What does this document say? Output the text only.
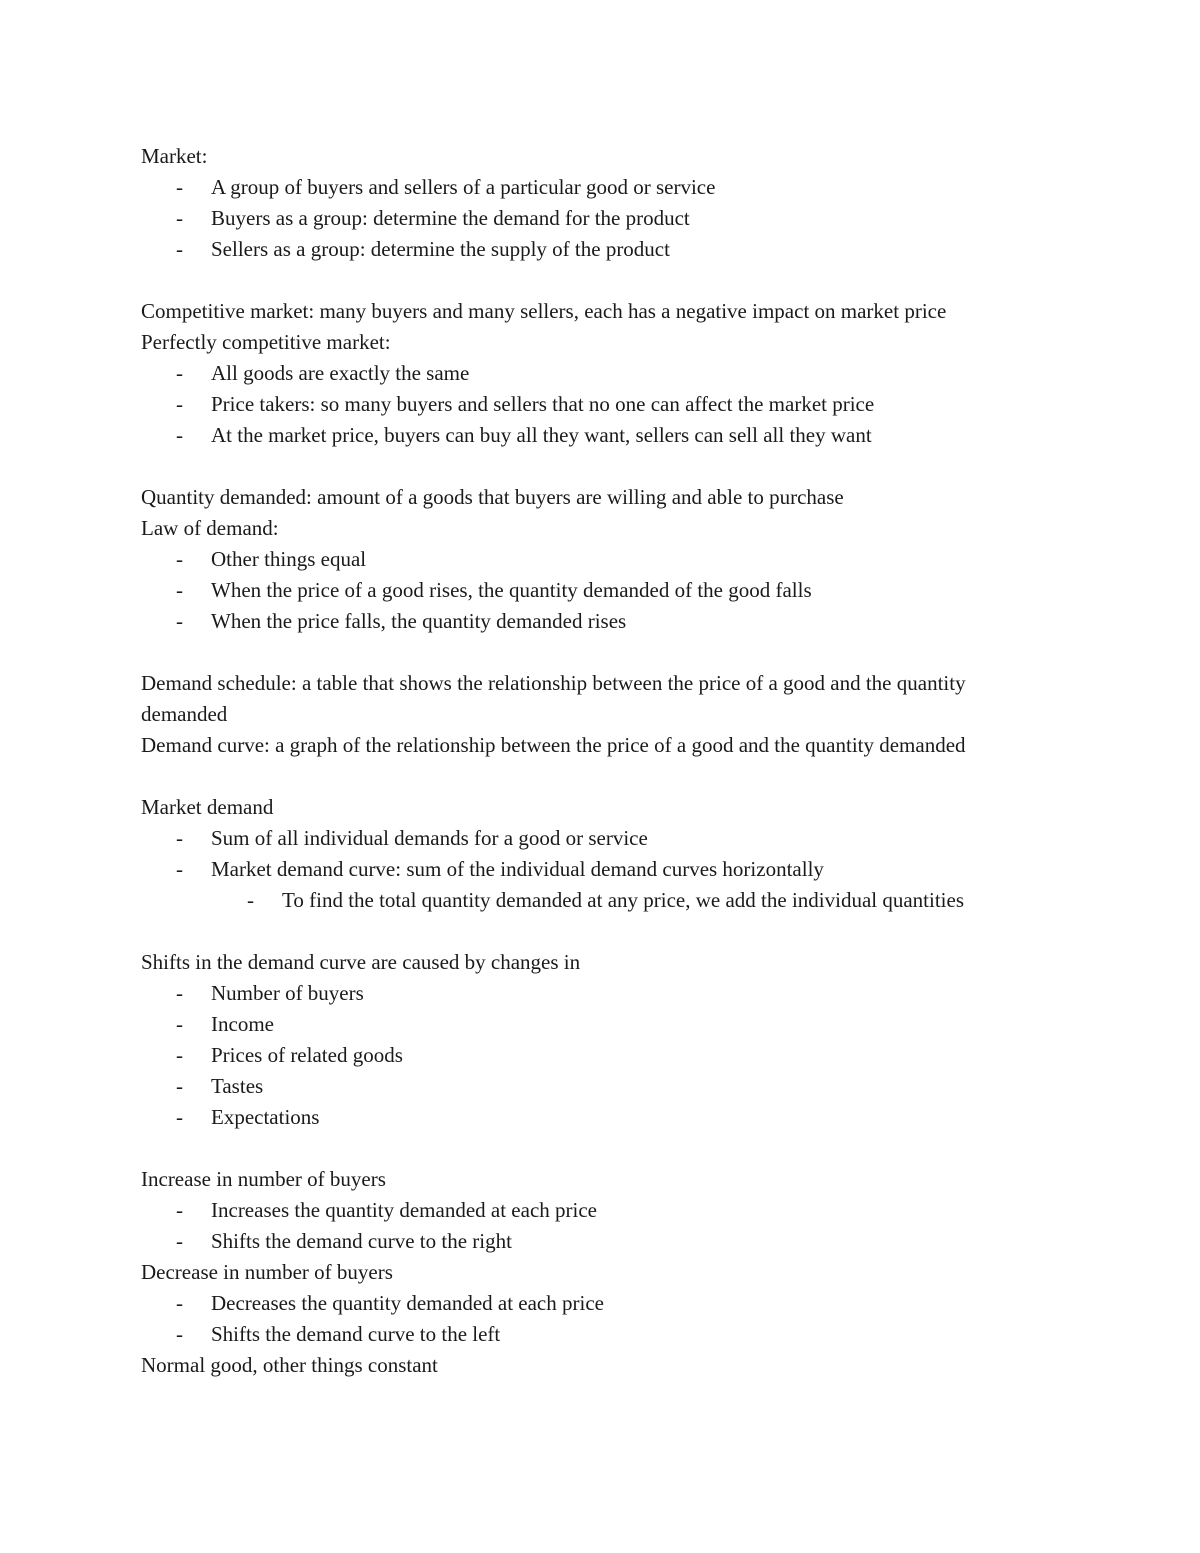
Market:
- A group of buyers and sellers of a particular good or service
- Buyers as a group: determine the demand for the product
- Sellers as a group: determine the supply of the product
Competitive market: many buyers and many sellers, each has a negative impact on market price
Perfectly competitive market:
- All goods are exactly the same
- Price takers: so many buyers and sellers that no one can affect the market price
- At the market price, buyers can buy all they want, sellers can sell all they want
Quantity demanded: amount of a goods that buyers are willing and able to purchase
Law of demand:
- Other things equal
- When the price of a good rises, the quantity demanded of the good falls
- When the price falls, the quantity demanded rises
Demand schedule: a table that shows the relationship between the price of a good and the quantity demanded
Demand curve: a graph of the relationship between the price of a good and the quantity demanded
Market demand
- Sum of all individual demands for a good or service
- Market demand curve: sum of the individual demand curves horizontally
- To find the total quantity demanded at any price, we add the individual quantities
Shifts in the demand curve are caused by changes in
- Number of buyers
- Income
- Prices of related goods
- Tastes
- Expectations
Increase in number of buyers
- Increases the quantity demanded at each price
- Shifts the demand curve to the right
Decrease in number of buyers
- Decreases the quantity demanded at each price
- Shifts the demand curve to the left
Normal good, other things constant
